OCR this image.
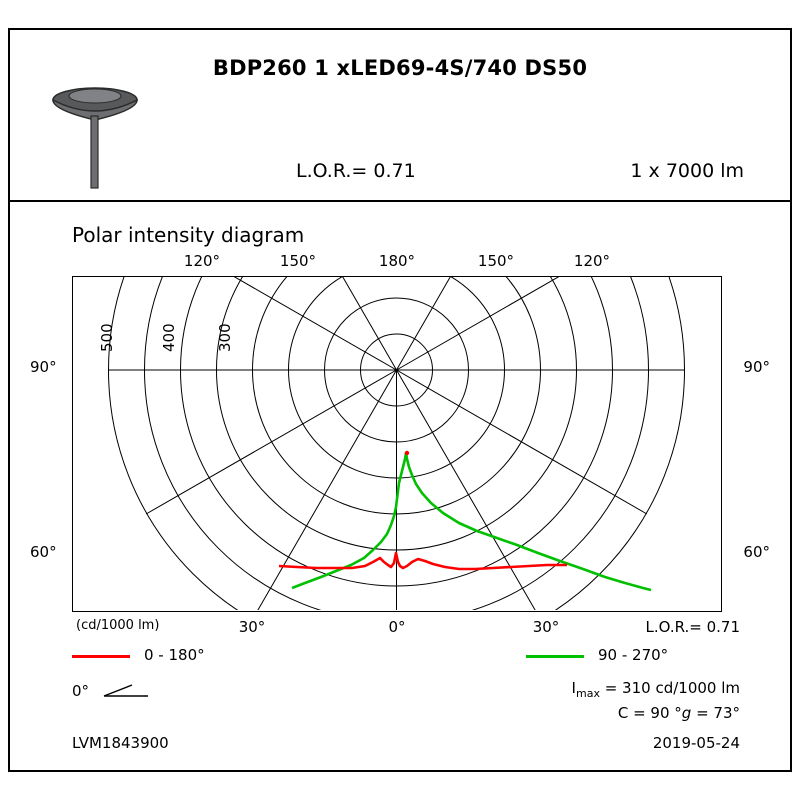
BDP260 1 xLED69-4S/740 DS50
L.O.R.= 0.71	1 x 7000 lm
Polar intensity diagram
120°	150°	180°	150°	120°
500	400	300
90°
60°
90°
60°
30°	0°	30°
(cd/1000 lm)	L.O.R.= 0.71
0 - 180°	90 - 270°
0°	$I_{max} = 310$ cd/1000 lm
C = 90 °g = 73°
LVM1843900	2019-05-24
